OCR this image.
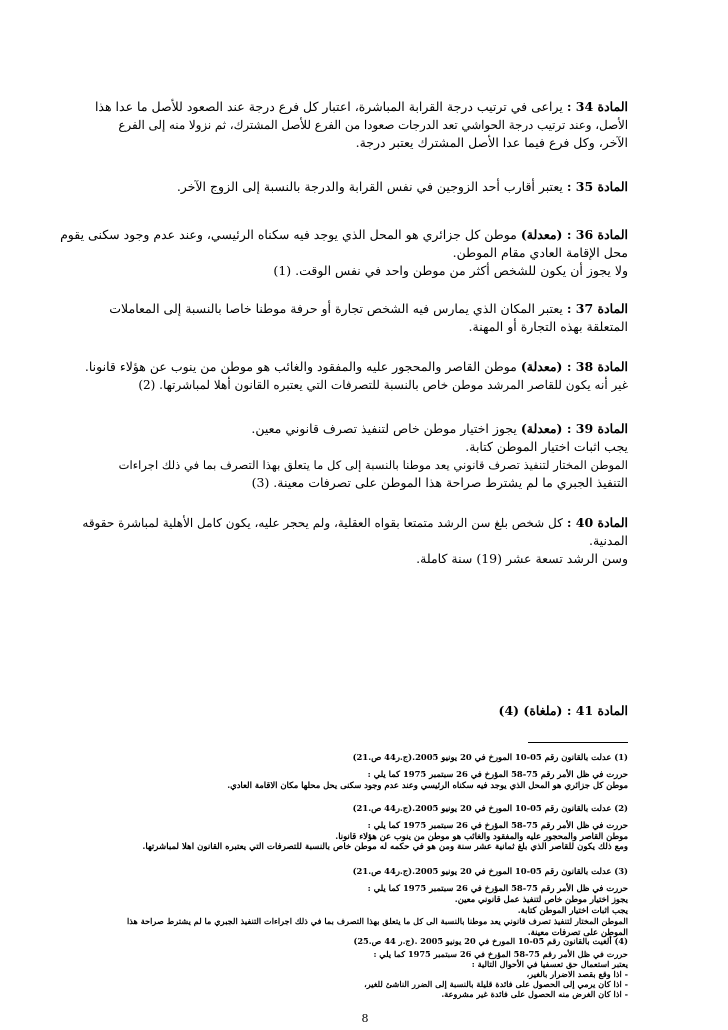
المادة 34 : يراعى في ترتيب درجة القرابة المباشرة، اعتبار كل فرع درجة عند الصعود للأصل ما عدا هذا
الأصل، وعند ترتيب درجة الحواشي تعد الدرجات صعودا من الفرع للأصل المشترك، ثم نزولا منه إلى الفرع
الآخر، وكل فرع فيما عدا الأصل المشترك يعتبر درجة.
المادة 35 : يعتبر أقارب أحد الزوجين في نفس القرابة والدرجة بالنسبة إلى الزوج الآخر.
المادة 36 : (معدلة) موطن كل جزائري هو المحل الذي يوجد فيه سكناه الرئيسي، وعند عدم وجود سكنى يقوم
محل الإقامة العادي مقام الموطن.
ولا يجوز أن يكون للشخص أكثر من موطن واحد في نفس الوقت. (1)
المادة 37 : يعتبر المكان الذي يمارس فيه الشخص تجارة أو حرفة موطنا خاصا بالنسبة إلى المعاملات
المتعلقة بهذه التجارة أو المهنة.
المادة 38 : (معدلة) موطن القاصر والمحجور عليه والمفقود والغائب هو موطن من ينوب عن هؤلاء قانونا.
غير أنه يكون للقاصر المرشد موطن خاص بالنسبة للتصرفات التي يعتبره القانون أهلا لمباشرتها. (2)
المادة 39 : (معدلة) يجوز اختيار موطن خاص لتنفيذ تصرف قانوني معين.
يجب اثبات اختيار الموطن كتابة.
الموطن المختار لتنفيذ تصرف قانوني يعد موطنا بالنسبة إلى كل ما يتعلق بهذا التصرف بما في ذلك اجراءات
التنفيذ الجبري ما لم يشترط صراحة هذا الموطن على تصرفات معينة. (3)
المادة 40 : كل شخص بلغ سن الرشد متمتعا بقواه العقلية، ولم يحجر عليه، يكون كامل الأهلية لمباشرة حقوقه
المدنية.
وسن الرشد تسعة عشر (19) سنة كاملة.
المادة 41 : (ملغاة) (4)
(1) عدلت بالقانون رقم 05-10 المورخ في 20 يونيو 2005.(ج.ر44 ص.21)
حررت في ظل الأمر رقم 75-58 المؤرخ في 26 سبتمبر 1975 كما يلي :
موطن كل جزائري هو المحل الذي يوجد فيه سكناه الرئيسي وعند عدم وجود سكنى يحل محلها مكان الاقامة العادي.
(2) عدلت بالقانون رقم 05-10 المورخ في 20 يونيو 2005.(ج.ر44 ص.21)
حررت في ظل الأمر رقم 75-58 المؤرخ في 26 سبتمبر 1975 كما يلي :
موطن القاصر والمحجور عليه والمفقود والغائب هو موطن من ينوب عن هؤلاء قانونا.
ومع ذلك يكون للقاصر الذي بلغ ثمانية عشر سنة ومن هو في حكمه له موطن خاص بالنسبة للتصرفات التي يعتبره القانون اهلا لمباشرتها.
(3) عدلت بالقانون رقم 05-10 المورخ في 20 يونيو 2005.(ج.ر44 ص.21)
حررت في ظل الأمر رقم 75-58 المؤرخ في 26 سبتمبر 1975 كما يلي :
يجوز اختيار موطن خاص لتنفيذ عمل قانوني معين.
يجب اثبات اختيار الموطن كتابة.
الموطن المختار لتنفيذ تصرف قانوني يعد موطنا بالنسبة الى كل ما يتعلق بهذا التصرف بما في ذلك اجراءات التنفيذ الجبري ما لم يشترط صراحة هذا
الموطن على تصرفات معينة.
(4) ألغيت بالقانون رقم 05-10 المورخ في 20 يونيو 2005 .(ج.ر 44 ص.25)
حررت في ظل الأمر رقم 75-58 المؤرخ في 26 سبتمبر 1975 كما يلي :
يعتبر استعمال حق تعسفيا في الأحوال التالية :
- اذا وقع بقصد الاضرار بالغير،
- اذا كان يرمي إلى الحصول على فائدة قليلة بالنسبة إلى الضرر الناشئ للغير،
- اذا كان الغرض منه الحصول على فائدة غير مشروعة.
8
